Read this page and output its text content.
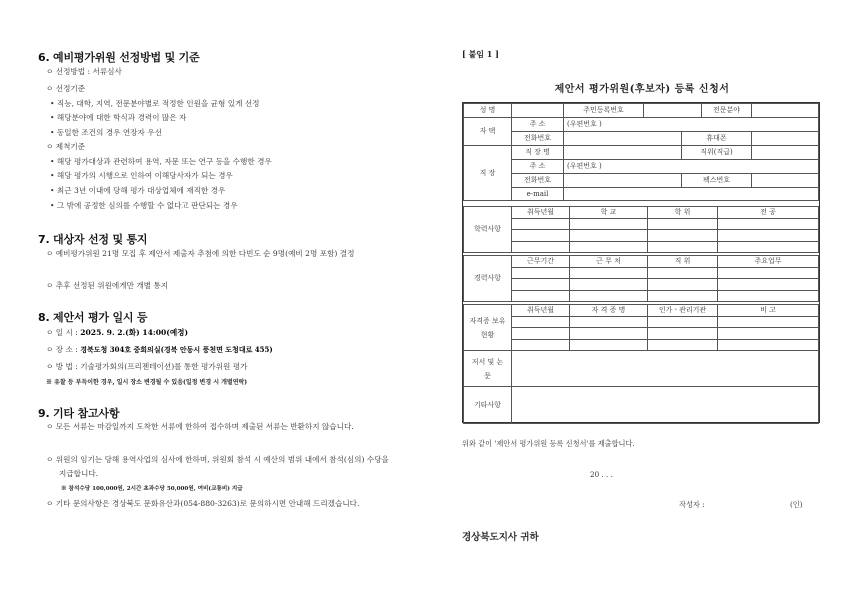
6. 예비평가위원 선정방법 및 기준
ㅇ 선정방법 : 서류심사
ㅇ 선정기준
• 직능, 대학, 지역, 전문분야별로 적정한 인원을 균형 있게 선정
• 해당분야에 대한 학식과 경력이 많은 자
• 동일한 조건의 경우 연장자 우선
ㅇ 제척기준
• 해당 평가대상과 관련하여 용역, 자문 또는 연구 등을 수행한 경우
• 해당 평가의 시행으로 인하여 이해당사자가 되는 경우
• 최근 3년 이내에 당해 평가 대상업체에 재직한 경우
• 그 밖에 공정한 심의를 수행할 수 없다고 판단되는 경우
7. 대상자 선정 및 통지
ㅇ 예비평가위원 21명 모집 후 제안서 제출자 추첨에 의한 다빈도 순 9명(예비 2명 포함) 결정
ㅇ 추후 선정된 위원에게만 개별 통지
8. 제안서 평가 일시 등
ㅇ 일 시 : 2025. 9. 2.(화) 14:00(예정)
ㅇ 장 소 : 경북도청 304호 중회의실(경북 안동시 풍천면 도청대로 455)
ㅇ 방 법 : 기술평가회의(프리젠테이션)를 통한 평가위원 평가
※ 유찰 등 부득이한 경우, 일시 장소 변경될 수 있음(일정 변경 시 개별연락)
9. 기타 참고사항
ㅇ 모든 서류는 마감일까지 도착한 서류에 한하여 접수하며 제출된 서류는 반환하지 않습니다.
ㅇ 위원의 임기는 당해 용역사업의 심사에 한하며, 위원회 참석 시 예산의 범위 내에서 참석(심의) 수당을 지급합니다.
※ 참석수당 100,000원, 2시간 초과수당 50,000원, 여비(교통비) 지급
ㅇ 기타 문의사항은 경상북도 문화유산과(054-880-3263)로 문의하시면 안내해 드리겠습니다.
[ 붙임 1 ]
제안서 평가위원(후보자) 등록 신청서
성 명		주민등록번호			전문분야	
자 택	주 소	(우편번호 )				
	전화번호			휴대폰		
직 장	직 장 명			직위(직급)		
	주 소	(우편번호 )				
	전화번호			팩스번호		
	e-mail					
학력사항	취득년월	학 교	학 위	전 공

경력사항	근무기간	근 무 처	직 위	주요업무

자격증 보유현황	취득년월	자 격 증 명	인가ㆍ관리기관	비 고

저서 및 논문	
기타사항	
위와 같이 '제안서 평가위원 등록 신청서'를 제출합니다.
20 . . .
작성자 :	(인)
경상북도지사 귀하
